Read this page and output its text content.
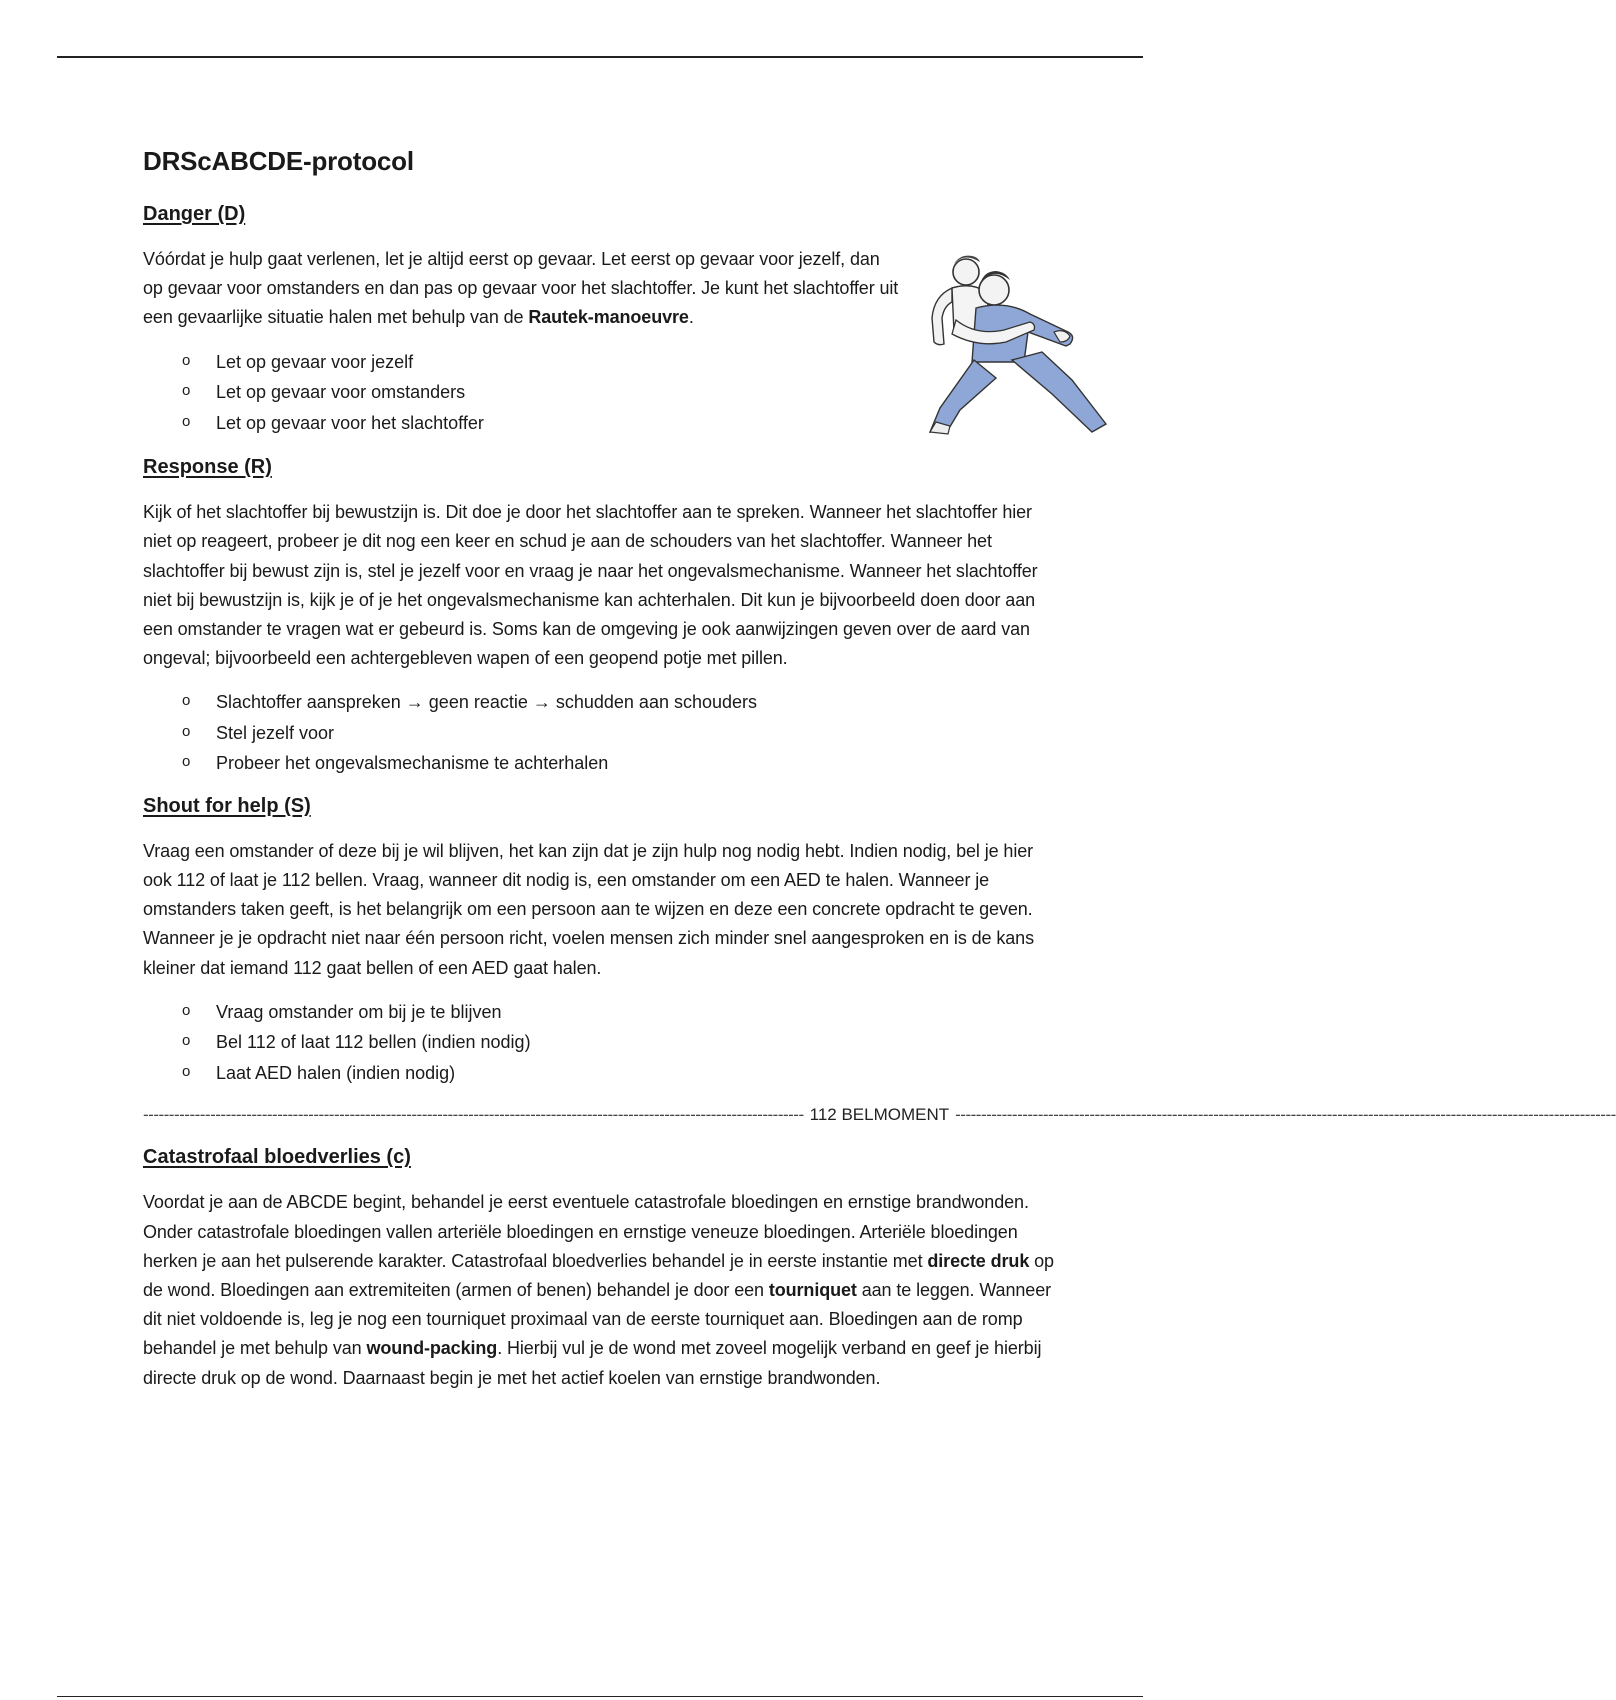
DRScABCDE-protocol
Danger (D)

Vóórdat je hulp gaat verlenen, let je altijd eerst op gevaar. Let eerst op gevaar voor jezelf, dan op gevaar voor omstanders en dan pas op gevaar voor het slachtoffer. Je kunt het slachtoffer uit een gevaarlijke situatie halen met behulp van de Rautek-manoeuvre.

o Let op gevaar voor jezelf
o Let op gevaar voor omstanders
o Let op gevaar voor het slachtoffer
Response (R)

Kijk of het slachtoffer bij bewustzijn is. Dit doe je door het slachtoffer aan te spreken. Wanneer het slachtoffer hier niet op reageert, probeer je dit nog een keer en schud je aan de schouders van het slachtoffer. Wanneer het slachtoffer bij bewust zijn is, stel je jezelf voor en vraag je naar het ongevalsmechanisme. Wanneer het slachtoffer niet bij bewustzijn is, kijk je of je het ongevalsmechanisme kan achterhalen. Dit kun je bijvoorbeeld doen door aan een omstander te vragen wat er gebeurd is. Soms kan de omgeving je ook aanwijzingen geven over de aard van ongeval; bijvoorbeeld een achtergebleven wapen of een geopend potje met pillen.

o Slachtoffer aanspreken → geen reactie → schudden aan schouders
o Stel jezelf voor
o Probeer het ongevalsmechanisme te achterhalen
Shout for help (S)

Vraag een omstander of deze bij je wil blijven, het kan zijn dat je zijn hulp nog nodig hebt. Indien nodig, bel je hier ook 112 of laat je 112 bellen. Vraag, wanneer dit nodig is, een omstander om een AED te halen. Wanneer je omstanders taken geeft, is het belangrijk om een persoon aan te wijzen en deze een concrete opdracht te geven. Wanneer je je opdracht niet naar één persoon richt, voelen mensen zich minder snel aangesproken en is de kans kleiner dat iemand 112 gaat bellen of een AED gaat halen.

o Vraag omstander om bij je te blijven
o Bel 112 of laat 112 bellen (indien nodig)
o Laat AED halen (indien nodig)
-------------------------------------------------------------------------------------------------------------------------------- 112 BELMOMENT --------------------------------------------------------------------------------------------------------------------------------
Catastrofaal bloedverlies (c)

Voordat je aan de ABCDE begint, behandel je eerst eventuele catastrofale bloedingen en ernstige brandwonden. Onder catastrofale bloedingen vallen arteriële bloedingen en ernstige veneuze bloedingen. Arteriële bloedingen herken je aan het pulserende karakter. Catastrofaal bloedverlies behandel je in eerste instantie met directe druk op de wond. Bloedingen aan extremiteiten (armen of benen) behandel je door een tourniquet aan te leggen. Wanneer dit niet voldoende is, leg je nog een tourniquet proximaal van de eerste tourniquet aan. Bloedingen aan de romp behandel je met behulp van wound-packing. Hierbij vul je de wond met zoveel mogelijk verband en geef je hierbij directe druk op de wond. Daarnaast begin je met het actief koelen van ernstige brandwonden.
